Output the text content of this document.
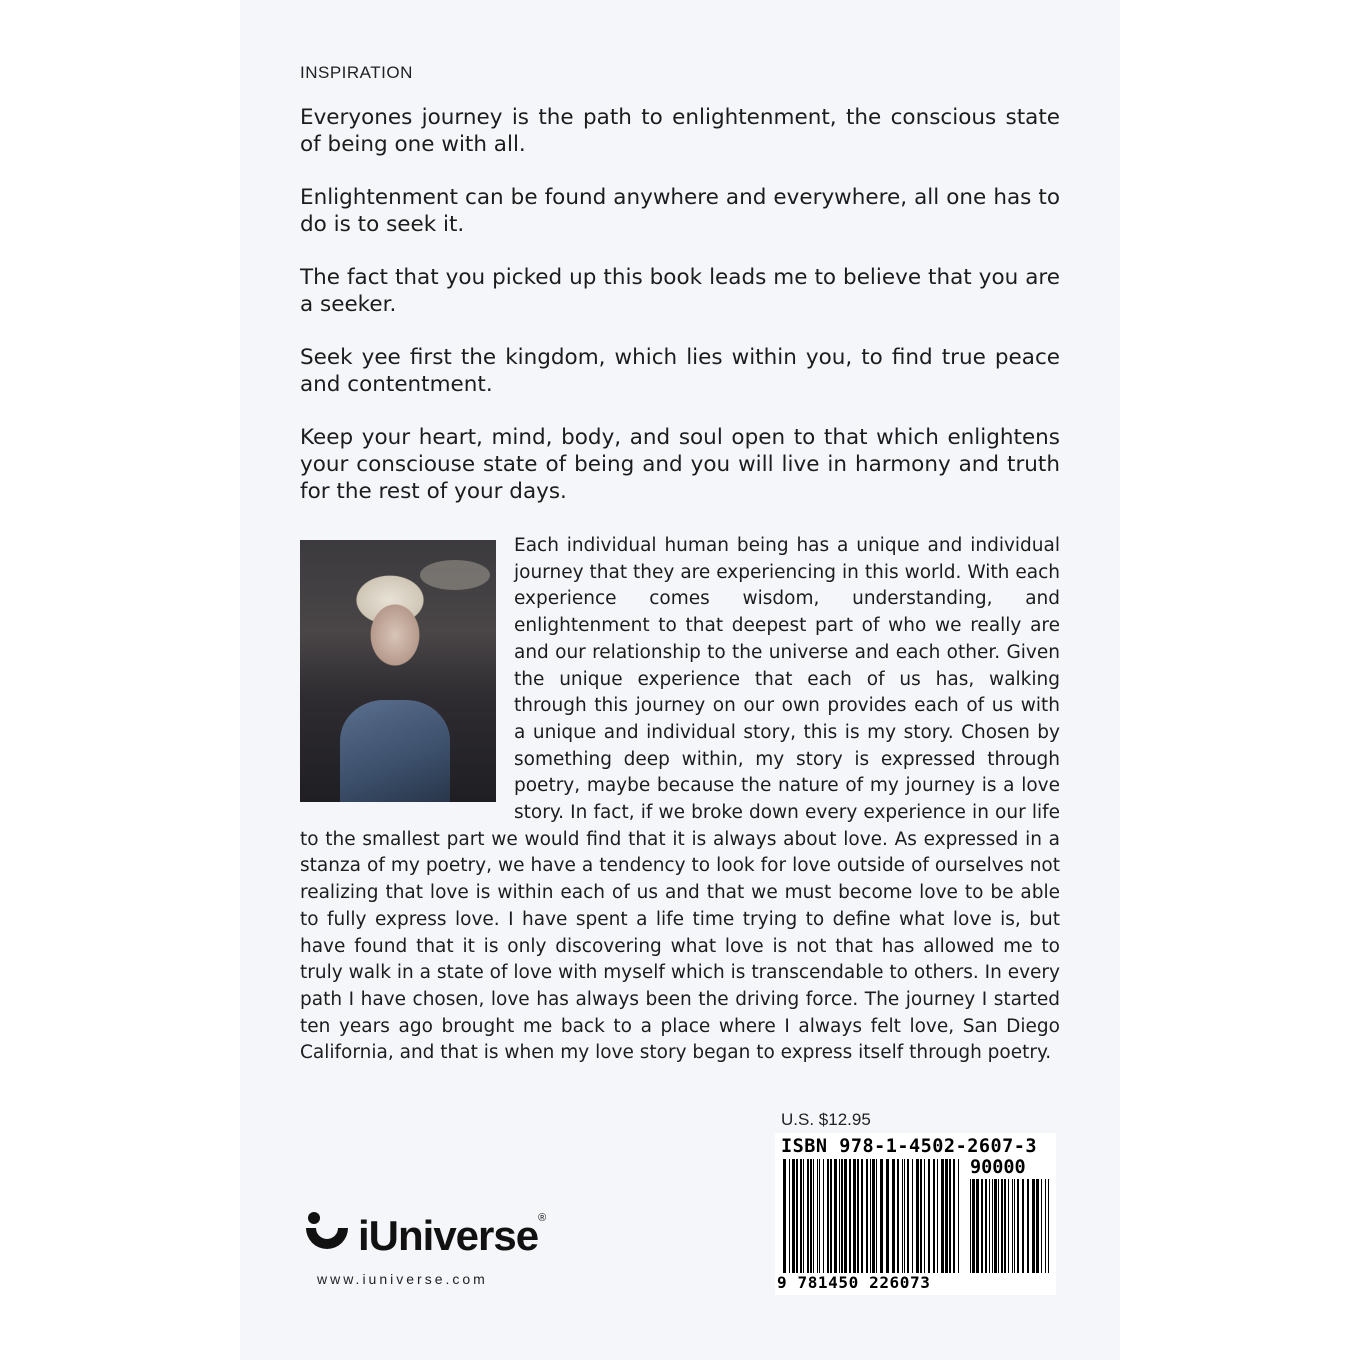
INSPIRATION

Everyones journey is the path to enlightenment, the conscious state of being one with all.

Enlightenment can be found anywhere and everywhere, all one has to do is to seek it.

The fact that you picked up this book leads me to believe that you are a seeker.

Seek yee first the kingdom, which lies within you, to find true peace and contentment.

Keep your heart, mind, body, and soul open to that which enlightens your consciouse state of being and you will live in harmony and truth for the rest of your days.

Each individual human being has a unique and individual journey that they are experiencing in this world. With each experience comes wisdom, understanding, and enlightenment to that deepest part of who we really are and our relationship to the universe and each other. Given the unique experience that each of us has, walking through this journey on our own provides each of us with a unique and individual story, this is my story. Chosen by something deep within, my story is expressed through poetry, maybe because the nature of my journey is a love story. In fact, if we broke down every experience in our life to the smallest part we would find that it is always about love. As expressed in a stanza of my poetry, we have a tendency to look for love outside of ourselves not realizing that love is within each of us and that we must become love to be able to fully express love. I have spent a life time trying to define what love is, but have found that it is only discovering what love is not that has allowed me to truly walk in a state of love with myself which is transcendable to others. In every path I have chosen, love has always been the driving force. The journey I started ten years ago brought me back to a place where I always felt love, San Diego California, and that is when my love story began to express itself through poetry.
U.S. $12.95
ISBN 978-1-4502-2607-3
90000
9 781450 226073
iUniverse®
www.iuniverse.com
